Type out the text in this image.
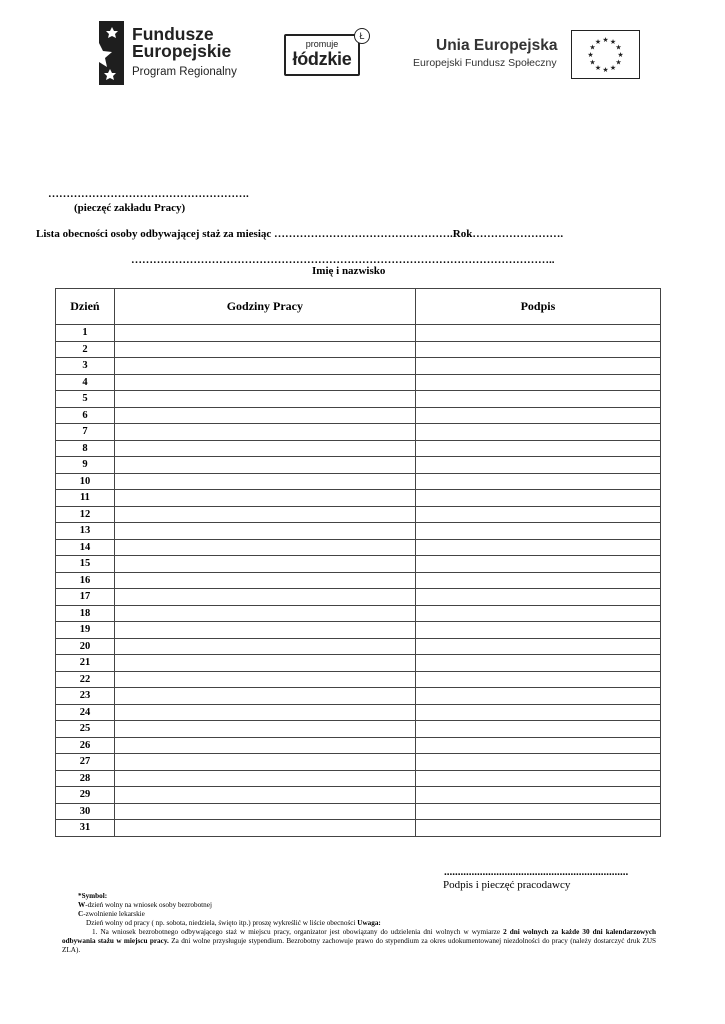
Fundusze
Europejskie
Program Regionalny
promuje
łódzkie
Ł
Unia Europejska
Europejski Fundusz Społeczny
★ ★
★
★
★
★
★
★
★
★
★
★
……………………………………………….
(pieczęć zakładu Pracy)
Lista obecności osoby odbywającej staż za miesiąc ………………………………………….Rok…………………….
……………………………………………………………………………………………………..
Imię i nazwisko
Dzień	Godziny Pracy	Podpis
1		
2		
3		
4		
5		
6		
7		
8		
9		
10		
11		
12		
13		
14		
15		
16		
17		
18		
19		
20		
21		
22		
23		
24		
25		
26		
27		
28		
29		
30		
31		
...................................................................
Podpis i pieczęć pracodawcy
*Symbol:
W-dzień wolny na wniosek osoby bezrobotnej
C-zwolnienie lekarskie
Dzień wolny od pracy ( np. sobota, niedziela, święto itp.) proszę wykreślić w liście obecności Uwaga:
1. Na wniosek bezrobotnego odbywającego staż w miejscu pracy, organizator jest obowiązany do udzielenia dni wolnych w wymiarze 2 dni wolnych za każde 30 dni kalendarzowych odbywania stażu w miejscu pracy. Za dni wolne przysługuje stypendium. Bezrobotny zachowuje prawo do stypendium za okres udokumentowanej niezdolności do pracy (należy dostarczyć druk ZUS ZLA).
